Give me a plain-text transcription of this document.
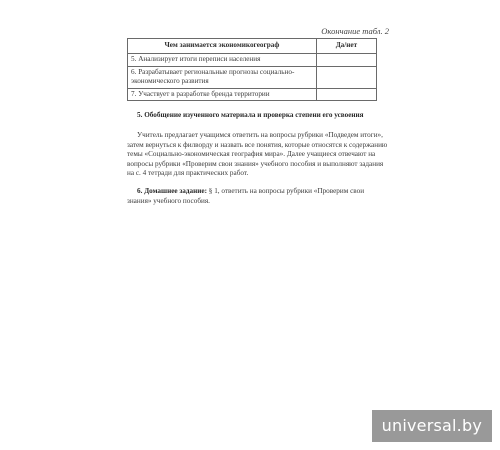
Окончание табл. 2
Чем занимается экономикогеограф	Да/нет
5. Анализирует итоги переписи населения	
6. Разрабатывает региональные прогнозы социально-экономического развития	
7. Участвует в разработке бренда территории	
5. Обобщение изученного материала и проверка степени его усвоения
Учитель предлагает учащимся ответить на вопросы рубрики «Подведем итоги», затем вернуться к филворду и назвать все понятия, которые относятся к содержанию темы «Социально-экономическая география мира». Далее учащиеся отвечают на вопросы рубрики «Проверим свои знания» учебного пособия и выполняют задания на с. 4 тетради для практических работ.
6. Домашнее задание: § 1, ответить на вопросы рубрики «Проверим свои знания» учебного пособия.
universal.by
